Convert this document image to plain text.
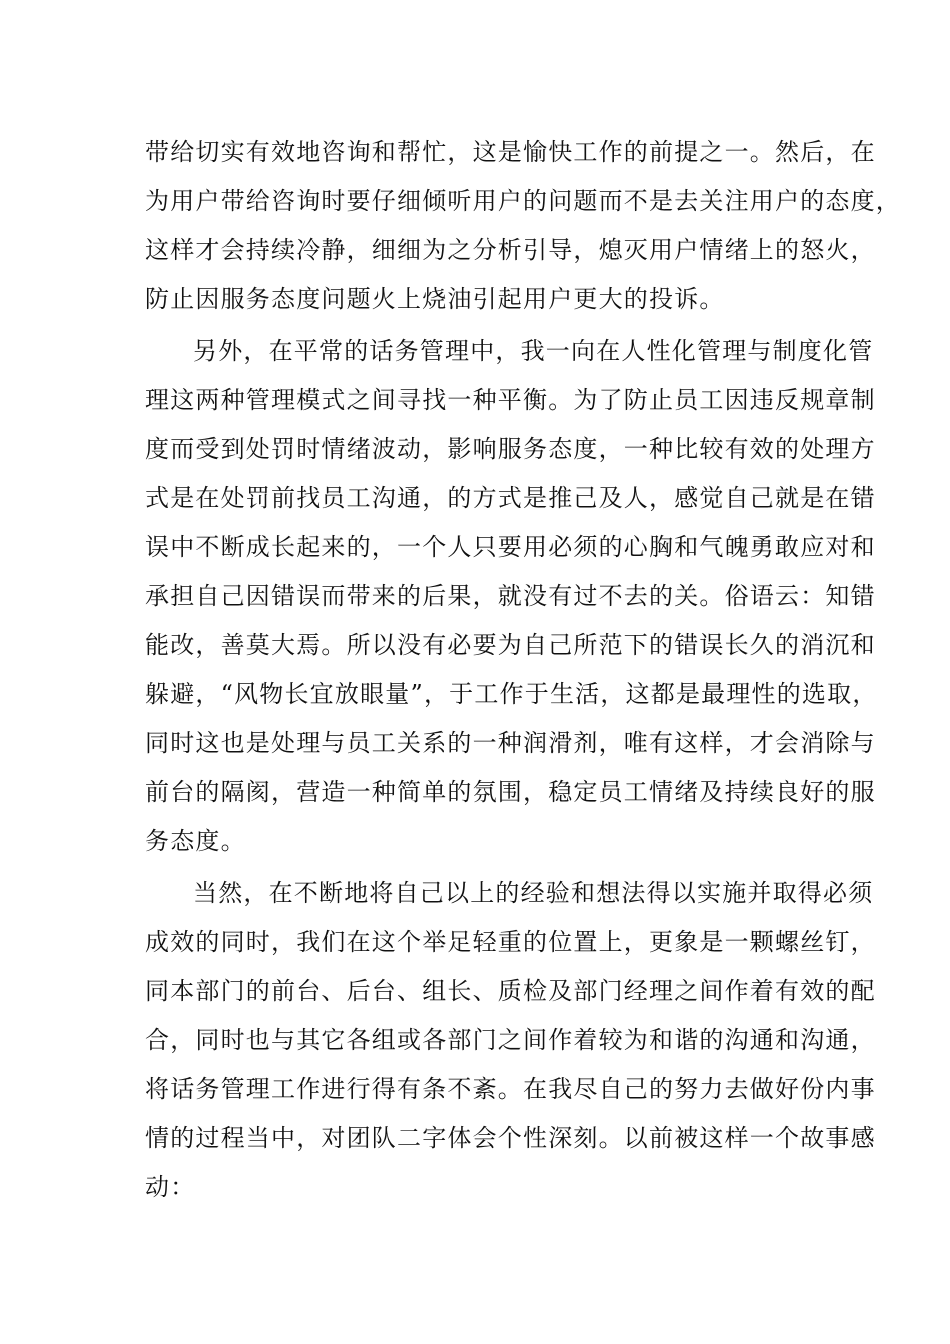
带给切实有效地咨询和帮忙，这是愉快工作的前提之一。然后，在

为用户带给咨询时要仔细倾听用户的问题而不是去关注用户的态度，

这样才会持续冷静，细细为之分析引导，熄灭用户情绪上的怒火，

防止因服务态度问题火上烧油引起用户更大的投诉。

另外，在平常的话务管理中，我一向在人性化管理与制度化管

理这两种管理模式之间寻找一种平衡。为了防止员工因违反规章制

度而受到处罚时情绪波动，影响服务态度，一种比较有效的处理方

式是在处罚前找员工沟通，的方式是推己及人，感觉自己就是在错

误中不断成长起来的，一个人只要用必须的心胸和气魄勇敢应对和

承担自己因错误而带来的后果，就没有过不去的关。俗语云：知错

能改，善莫大焉。所以没有必要为自己所范下的错误长久的消沉和

躲避，“风物长宜放眼量”，于工作于生活，这都是最理性的选取，

同时这也是处理与员工关系的一种润滑剂，唯有这样，才会消除与

前台的隔阂，营造一种简单的氛围，稳定员工情绪及持续良好的服

务态度。

当然，在不断地将自己以上的经验和想法得以实施并取得必须

成效的同时，我们在这个举足轻重的位置上，更象是一颗螺丝钉，

同本部门的前台、后台、组长、质检及部门经理之间作着有效的配

合，同时也与其它各组或各部门之间作着较为和谐的沟通和沟通，

将话务管理工作进行得有条不紊。在我尽自己的努力去做好份内事

情的过程当中，对团队二字体会个性深刻。以前被这样一个故事感

动：
